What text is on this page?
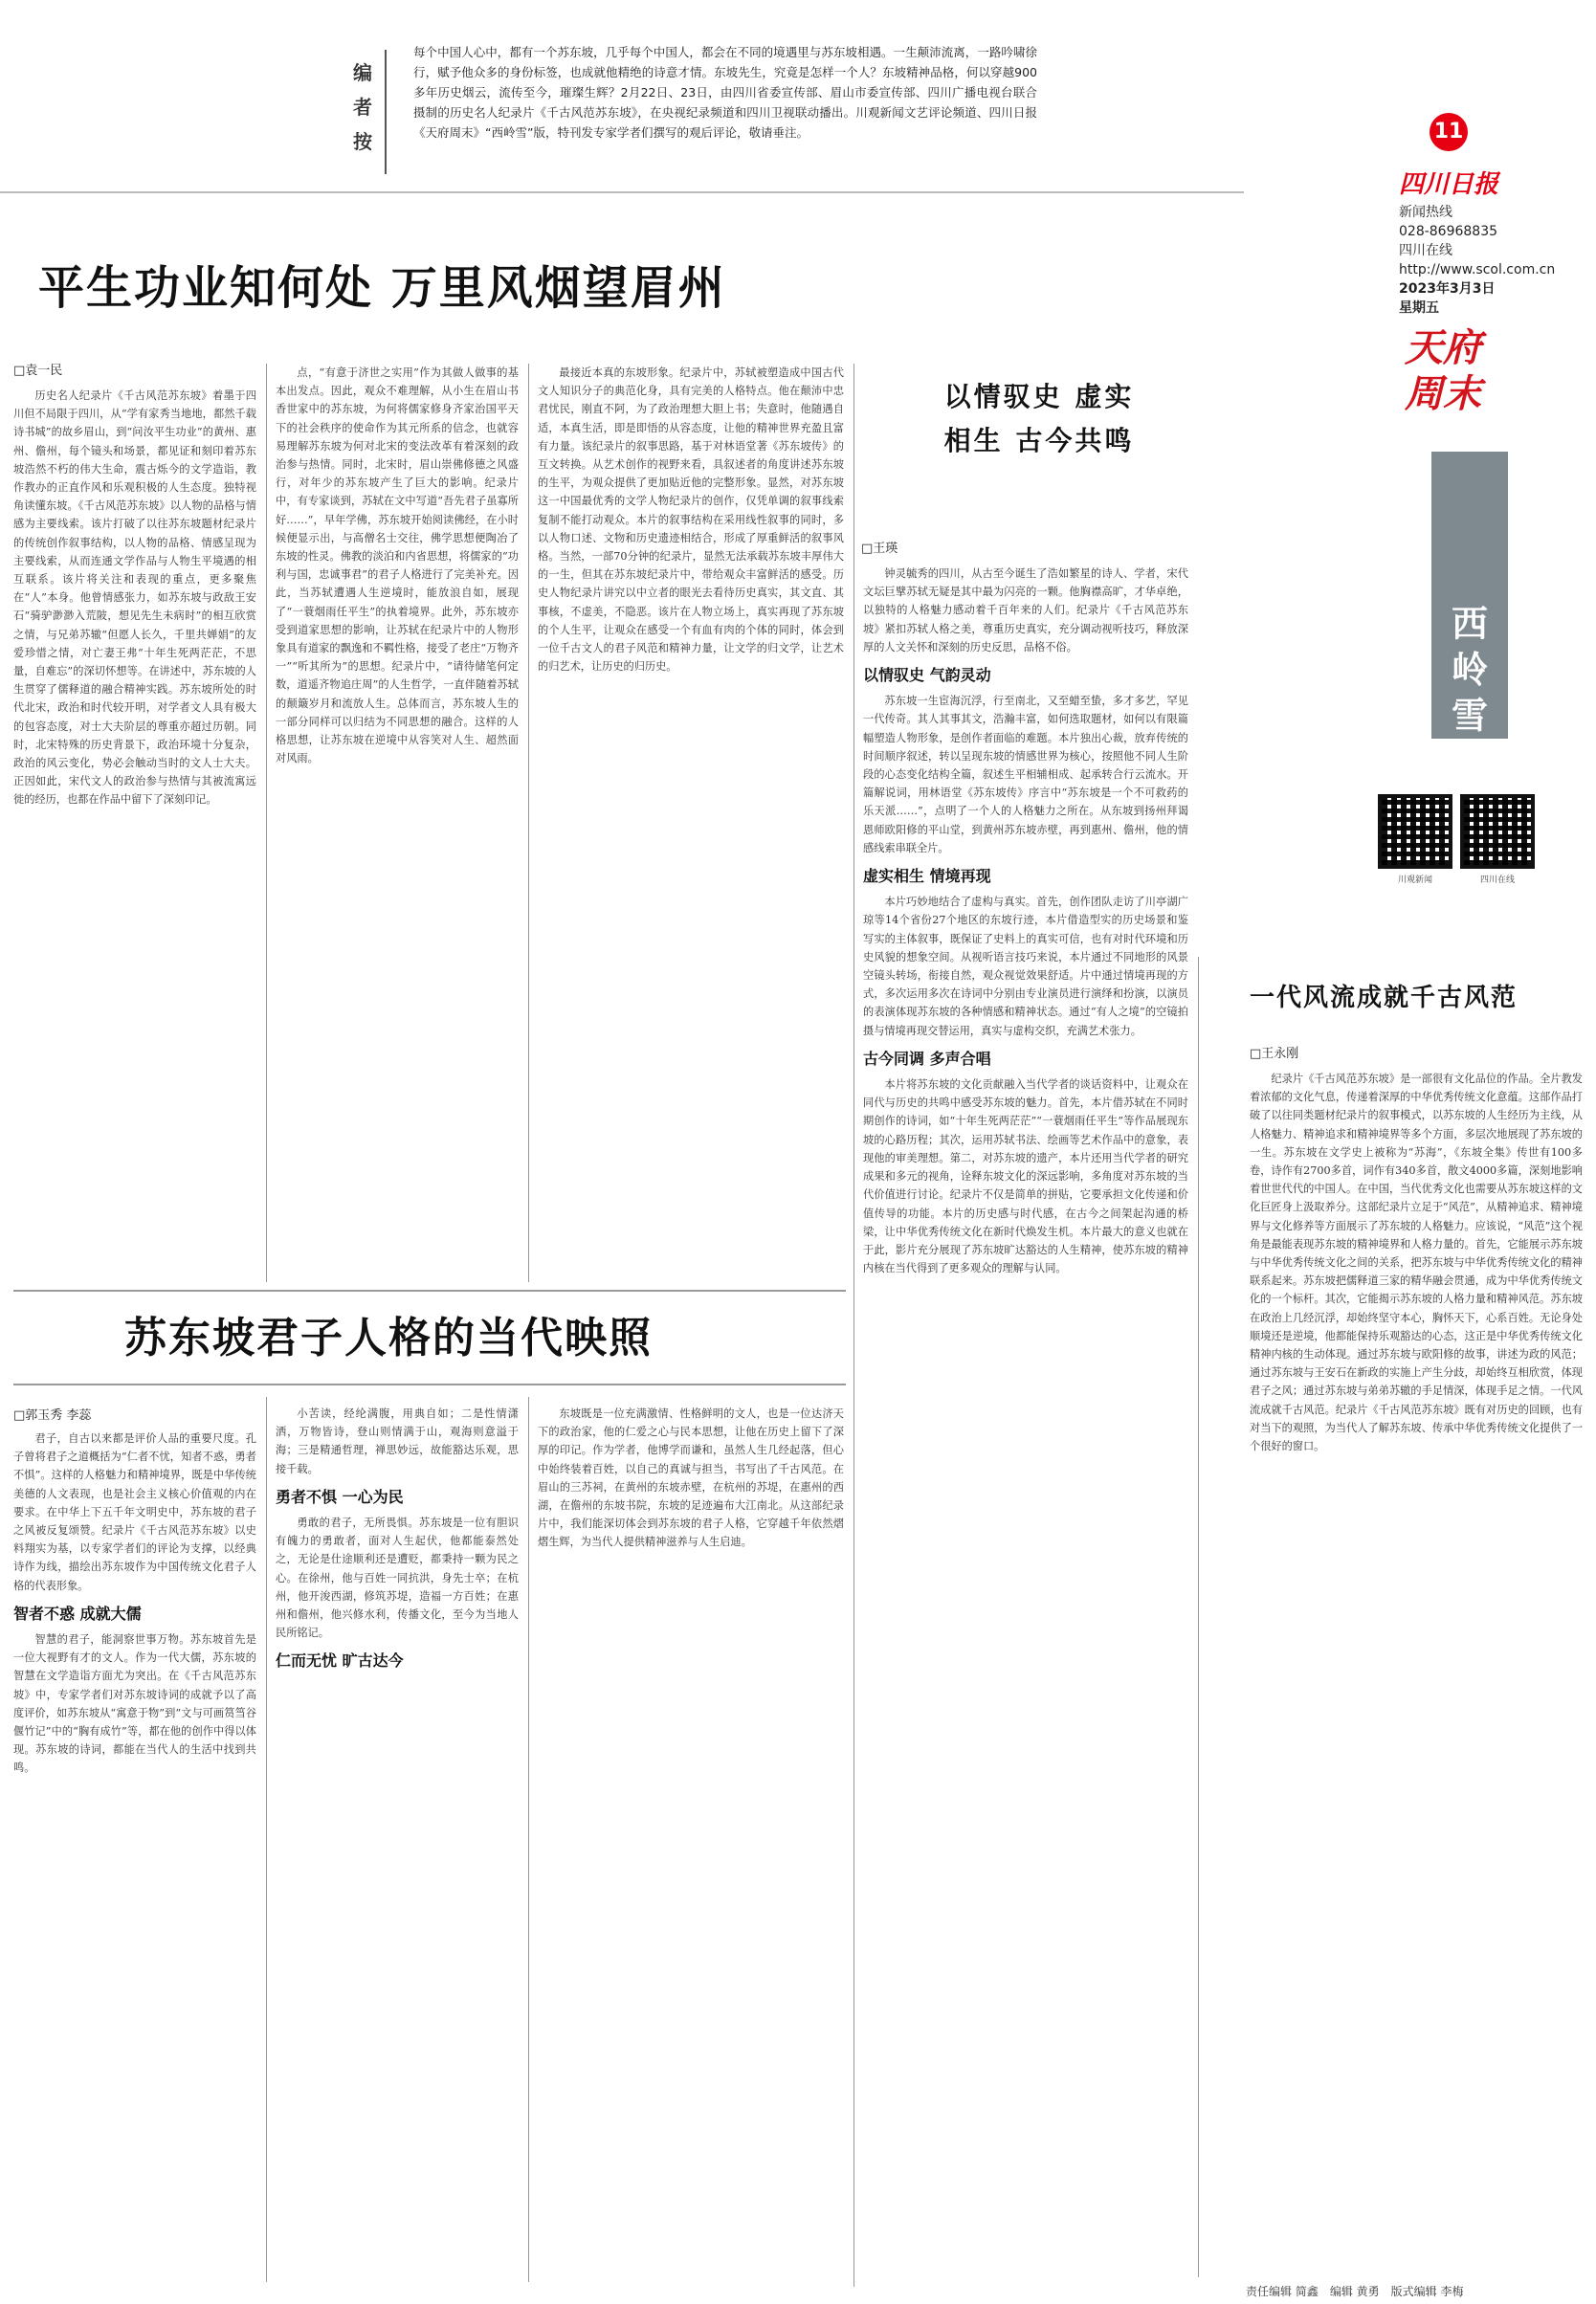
编者按
每个中国人心中，都有一个苏东坡，几乎每个中国人，都会在不同的境遇里与苏东坡相遇。一生颠沛流离，一路吟啸徐行，赋予他众多的身份标签，也成就他精绝的诗意才情。东坡先生，究竟是怎样一个人？东坡精神品格，何以穿越900多年历史烟云，流传至今，璀璨生辉？2月22日、23日，由四川省委宣传部、眉山市委宣传部、四川广播电视台联合摄制的历史名人纪录片《千古风范苏东坡》，在央视纪录频道和四川卫视联动播出。川观新闻文艺评论频道、四川日报《天府周末》“西岭雪”版，特刊发专家学者们撰写的观后评论，敬请垂注。	11
四川日报
新闻热线
028-86968835
四川在线
http://www.scol.com.cn
2023年3月3日
星期五
天府周末
西岭雪
川观新闻	四川在线
平生功业知何处 万里风烟望眉州
□袁一民

历史名人纪录片《千古风范苏东坡》着墨于四川但不局限于四川，从“学有家秀当地地，都然千载诗书城”的故乡眉山，到“问汝平生功业”的黄州、惠州、儋州，每个镜头和场景，都见证和刻印着苏东坡浩然不朽的伟大生命，震古烁今的文学造诣，教作教办的正直作风和乐观积极的人生态度。独特视角读懂东坡。《千古风范苏东坡》以人物的品格与情感为主要线索。该片打破了以往苏东坡题材纪录片的传统创作叙事结构，以人物的品格、情感呈现为主要线索，从而连通文学作品与人物生平境遇的相互联系。该片将关注和表现的重点，更多聚焦在“人”本身。他曾情感张力，如苏东坡与政敌王安石“骑驴渺渺入荒陂，想见先生未病时”的相互欣赏之情，与兄弟苏辙“但愿人长久，千里共婵娟”的友爱珍惜之情，对亡妻王弗“十年生死两茫茫，不思量，自难忘”的深切怀想等。在讲述中，苏东坡的人生贯穿了儒释道的融合精神实践。苏东坡所处的时代北宋，政治和时代较开明，对学者文人具有极大的包容态度，对士大夫阶层的尊重亦超过历朝。同时，北宋特殊的历史背景下，政治环境十分复杂，政治的风云变化，势必会触动当时的文人士大夫。正因如此，宋代文人的政治参与热情与其被流寓远徙的经历，也都在作品中留下了深刻印记。

点，“有意于济世之实用”作为其做人做事的基本出发点。因此，观众不难理解，从小生在眉山书香世家中的苏东坡，为何将儒家修身齐家治国平天下的社会秩序的使命作为其元所系的信念，也就容易理解苏东坡为何对北宋的变法改革有着深刻的政治参与热情。同时，北宋时，眉山崇佛修德之风盛行，对年少的苏东坡产生了巨大的影响。纪录片中，有专家谈到，苏轼在文中写道“吾先君子虽寡所好……”，早年学佛，苏东坡开始阅读佛经，在小时候便显示出，与高僧名士交往，佛学思想便陶冶了东坡的性灵。佛教的淡泊和内省思想，将儒家的“功利与国，忠诚事君”的君子人格进行了完美补充。因此，当苏轼遭遇人生逆境时，能放浪自如，展现了“一蓑烟雨任平生”的执着境界。此外，苏东坡亦受到道家思想的影响，让苏轼在纪录片中的人物形象具有道家的飘逸和不羁性格，接受了老庄“万物齐一”“听其所为”的思想。纪录片中，“请待储笔何定数，道遥齐物追庄周”的人生哲学，一直伴随着苏轼的颠簸岁月和流放人生。总体而言，苏东坡人生的一部分同样可以归结为不同思想的融合。这样的人格思想，让苏东坡在逆境中从容笑对人生、超然面对风雨。

最接近本真的东坡形象。纪录片中，苏轼被塑造成中国古代文人知识分子的典范化身，具有完美的人格特点。他在颠沛中忠君忧民，刚直不阿，为了政治理想大胆上书；失意时，他随遇自适，本真生活，即是即悟的从容态度，让他的精神世界充盈且富有力量。该纪录片的叙事思路，基于对林语堂著《苏东坡传》的互文转换。从艺术创作的视野来看，具叙述者的角度讲述苏东坡的生平，为观众提供了更加贴近他的完整形象。显然，对苏东坡这一中国最优秀的文学人物纪录片的创作，仅凭单调的叙事线索复制不能打动观众。本片的叙事结构在采用线性叙事的同时，多以人物口述、文物和历史遗迹相结合，形成了厚重鲜活的叙事风格。当然，一部70分钟的纪录片，显然无法承载苏东坡丰厚伟大的一生，但其在苏东坡纪录片中，带给观众丰富鲜活的感受。历史人物纪录片讲究以中立者的眼光去看待历史真实，其文直、其事核，不虚美，不隐恶。该片在人物立场上，真实再现了苏东坡的个人生平，让观众在感受一个有血有肉的个体的同时，体会到一位千古文人的君子风范和精神力量，让文学的归文学，让艺术的归艺术，让历史的归历史。

以情驭史 虚实相生 古今共鸣
□王瑛

钟灵毓秀的四川，从古至今诞生了浩如繁星的诗人、学者，宋代文坛巨擘苏轼无疑是其中最为闪亮的一颗。他胸襟高旷，才华卓绝，以独特的人格魅力感动着千百年来的人们。纪录片《千古风范苏东坡》紧扣苏轼人格之美，尊重历史真实，充分调动视听技巧，释放深厚的人文关怀和深刻的历史反思，品格不俗。

以情驭史 气韵灵动

苏东坡一生宦海沉浮，行至南北，又至蜡至蛰，多才多艺，罕见一代传奇。其人其事其文，浩瀚丰富，如何选取题材，如何以有限篇幅塑造人物形象，是创作者面临的难题。本片独出心裁，放弃传统的时间顺序叙述，转以呈现东坡的情感世界为核心，按照他不同人生阶段的心态变化结构全篇，叙述生平相辅相成、起承转合行云流水。开篇解说词，用林语堂《苏东坡传》序言中“苏东坡是一个不可救药的乐天派……”，点明了一个人的人格魅力之所在。从东坡到扬州拜谒恩师欧阳修的平山堂，到黄州苏东坡赤壁，再到惠州、儋州，他的情感线索串联全片。

虚实相生 情境再现

本片巧妙地结合了虚构与真实。首先，创作团队走访了川亭湖广琼等14个省份27个地区的东坡行迹，本片借造型实的历史场景和鉴写实的主体叙事，既保证了史料上的真实可信，也有对时代环境和历史风貌的想象空间。从视听语言技巧来说，本片通过不同地形的风景空镜头转场，衔接自然，观众视觉效果舒适。片中通过情境再现的方式，多次运用多次在诗词中分别由专业演员进行演绎和扮演，以演员的表演体现苏东坡的各种情感和精神状态。通过“有人之境”的空镜拍摄与情境再现交替运用，真实与虚构交织，充满艺术张力。

古今同调 多声合唱

本片将苏东坡的文化贡献融入当代学者的谈话资料中，让观众在同代与历史的共鸣中感受苏东坡的魅力。首先，本片借苏轼在不同时期创作的诗词，如“十年生死两茫茫”“一蓑烟雨任平生”等作品展现东坡的心路历程；其次，运用苏轼书法、绘画等艺术作品中的意象，表现他的审美理想。第二，对苏东坡的遗产，本片还用当代学者的研究成果和多元的视角，诠释东坡文化的深远影响，多角度对苏东坡的当代价值进行讨论。纪录片不仅是简单的拼贴，它要承担文化传递和价值传导的功能。本片的历史感与时代感，在古今之间架起沟通的桥梁，让中华优秀传统文化在新时代焕发生机。本片最大的意义也就在于此，影片充分展现了苏东坡旷达豁达的人生精神，使苏东坡的精神内核在当代得到了更多观众的理解与认同。

一代风流成就千古风范
□王永刚

纪录片《千古风范苏东坡》是一部很有文化品位的作品。全片教发着浓郁的文化气息，传递着深厚的中华优秀传统文化意蕴。这部作品打破了以往同类题材纪录片的叙事模式，以苏东坡的人生经历为主线，从人格魅力、精神追求和精神境界等多个方面，多层次地展现了苏东坡的一生。苏东坡在文学史上被称为“苏海”，《东坡全集》传世有100多卷，诗作有2700多首，词作有340多首，散文4000多篇，深刻地影响着世世代代的中国人。在中国，当代优秀文化也需要从苏东坡这样的文化巨匠身上汲取养分。这部纪录片立足于“风范”，从精神追求、精神境界与文化修养等方面展示了苏东坡的人格魅力。应该说，“风范”这个视角是最能表现苏东坡的精神境界和人格力量的。首先，它能展示苏东坡与中华优秀传统文化之间的关系，把苏东坡与中华优秀传统文化的精神联系起来。苏东坡把儒释道三家的精华融会贯通，成为中华优秀传统文化的一个标杆。其次，它能揭示苏东坡的人格力量和精神风范。苏东坡在政治上几经沉浮，却始终坚守本心，胸怀天下，心系百姓。无论身处顺境还是逆境，他都能保持乐观豁达的心态，这正是中华优秀传统文化精神内核的生动体现。通过苏东坡与欧阳修的故事，讲述为政的风范；通过苏东坡与王安石在新政的实施上产生分歧，却始终互相欣赏，体现君子之风；通过苏东坡与弟弟苏辙的手足情深，体现手足之情。一代风流成就千古风范。纪录片《千古风范苏东坡》既有对历史的回顾，也有对当下的观照，为当代人了解苏东坡、传承中华优秀传统文化提供了一个很好的窗口。

苏东坡君子人格的当代映照
□郭玉秀 李蕊

君子，自古以来都是评价人品的重要尺度。孔子曾将君子之道概括为“仁者不忧，知者不惑，勇者不惧”。这样的人格魅力和精神境界，既是中华传统美德的人文表现，也是社会主义核心价值观的内在要求。在中华上下五千年文明史中，苏东坡的君子之风被反复颂赞。纪录片《千古风范苏东坡》以史料翔实为基，以专家学者们的评论为支撑，以经典诗作为线，描绘出苏东坡作为中国传统文化君子人格的代表形象。

智者不惑 成就大儒

智慧的君子，能洞察世事万物。苏东坡首先是一位大视野有才的文人。作为一代大儒，苏东坡的智慧在文学造诣方面尤为突出。在《千古风范苏东坡》中，专家学者们对苏东坡诗词的成就予以了高度评价，如苏东坡从“寓意于物”到“文与可画筼筜谷偃竹记”中的“胸有成竹”等，都在他的创作中得以体现。苏东坡的诗词，都能在当代人的生活中找到共鸣。

小苦读，经纶满腹，用典自如；二是性情潇洒，万物皆诗，登山则情满于山，观海则意溢于海；三是精通哲理，禅思妙远，故能豁达乐观，思接千载。

勇者不惧 一心为民

勇敢的君子，无所畏惧。苏东坡是一位有胆识有魄力的勇敢者，面对人生起伏，他都能泰然处之，无论是仕途顺利还是遭贬，都秉持一颗为民之心。在徐州，他与百姓一同抗洪，身先士卒；在杭州，他开浚西湖，修筑苏堤，造福一方百姓；在惠州和儋州，他兴修水利，传播文化，至今为当地人民所铭记。

仁而无忧 旷古达今

东坡既是一位充满激情、性格鲜明的文人，也是一位达济天下的政治家，他的仁爱之心与民本思想，让他在历史上留下了深厚的印记。作为学者，他博学而谦和，虽然人生几经起落，但心中始终装着百姓，以自己的真诚与担当，书写出了千古风范。在眉山的三苏祠，在黄州的东坡赤壁，在杭州的苏堤，在惠州的西湖，在儋州的东坡书院，东坡的足迹遍布大江南北。从这部纪录片中，我们能深切体会到苏东坡的君子人格，它穿越千年依然熠熠生辉，为当代人提供精神滋养与人生启迪。

责任编辑 简鑫　编辑 黄勇　版式编辑 李梅
